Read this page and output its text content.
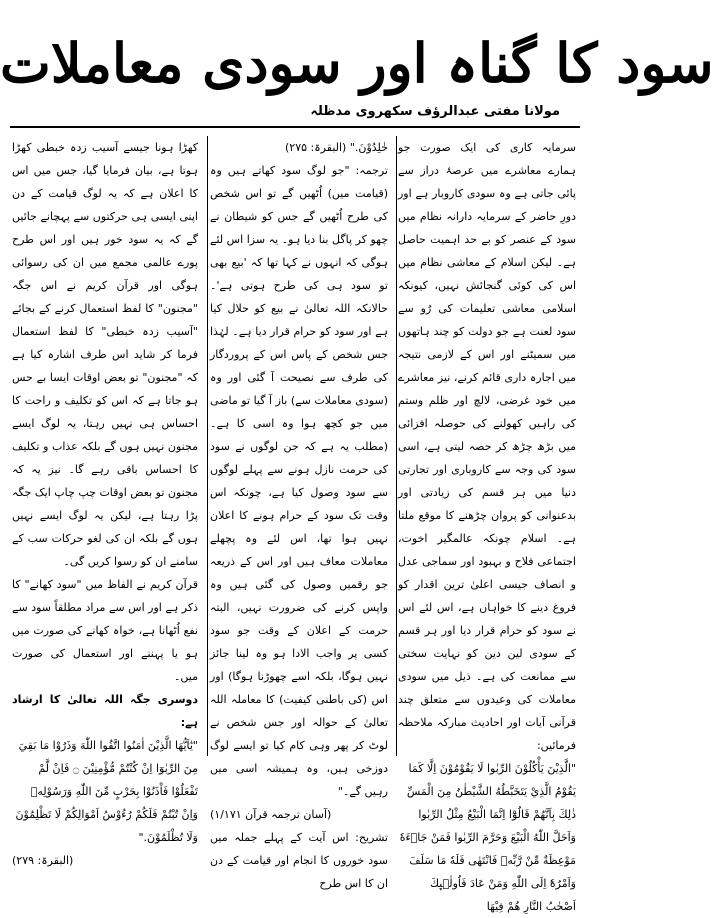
سود کا گناہ اور سودی معاملات
مولانا مفتی عبدالرؤف سکھروی مدظلہ

سرمایہ کاری کی ایک صورت جو ہمارے معاشرے میں عرصۂ دراز سے پائی جاتی ہے وہ سودی کاروبار ہے اور دورِ حاضر کے سرمایہ دارانہ نظام میں سود کے عنصر کو بے حد اہمیت حاصل ہے۔ لیکن اسلام کے معاشی نظام میں اس کی کوئی گنجائش نہیں، کیونکہ اسلامی معاشی تعلیمات کی رُو سے سود لعنت ہے جو دولت کو چند ہاتھوں میں سمیٹنے اور اس کے لازمی نتیجہ میں اجارہ داری قائم کرنے، نیز معاشرے میں خود غرضی، لالچ اور ظلم وستم کی راہیں کھولنے کی حوصلہ افزائی میں بڑھ چڑھ کر حصہ لیتی ہے، اسی سود کی وجہ سے کاروباری اور تجارتی دنیا میں ہر قسم کی زیادتی اور بدعنوانی کو پروان چڑھنے کا موقع ملتا ہے۔ اسلام چونکہ عالمگیر اخوت، اجتماعی فلاح و بہبود اور سماجی عدل و انصاف جیسی اعلیٰ ترین اقدار کو فروغ دینے کا خواہاں ہے، اس لئے اس نے سود کو حرام قرار دیا اور ہر قسم کے سودی لین دین کو نہایت سختی سے ممانعت کی ہے۔ ذیل میں سودی معاملات کی وعیدوں سے متعلق چند قرآنی آیات اور احادیث مبارکہ ملاحظہ فرمائیں:

"الَّذِيْنَ يَأْكُلُوْنَ الرِّبٰوا لَا يَقُوْمُوْنَ اِلَّا كَمَا يَقُوْمُ الَّذِيْ يَتَخَبَّطُهُ الشَّيْطٰنُ مِنَ الْمَسِّ ذٰلِكَ بِاَنَّهُمْ قَالُوْٓا اِنَّمَا الْبَيْعُ مِثْلُ الرِّبٰوا وَاَحَلَّ اللّٰهُ الْبَيْعَ وَحَرَّمَ الرِّبٰوا فَمَنْ جَاۗءَهٗ مَوْعِظَةٌ مِّنْ رَّبِّهٖ فَانْتَهٰى فَلَهٗ مَا سَلَفَ وَاَمْرُهٗٓ اِلَى اللّٰهِ وَمَنْ عَادَ فَاُولٰۗىِٕكَ اَصْحٰبُ النَّارِ هُمْ فِيْهَا

خٰلِدُوْنَ." (البقرۃ: ۲۷۵)

ترجمہ: "جو لوگ سود کھاتے ہیں وہ (قیامت میں) اُٹھیں گے تو اس شخص کی طرح اُٹھیں گے جس کو شیطان نے چھو کر پاگل بنا دیا ہو۔ یہ سزا اس لئے ہوگی کہ انہوں نے کہا تھا کہ 'بیع بھی تو سود ہی کی طرح ہوتی ہے'۔ حالانکہ اللہ تعالیٰ نے بیع کو حلال کیا ہے اور سود کو حرام قرار دیا ہے۔ لہٰذا جس شخص کے پاس اس کے پروردگار کی طرف سے نصیحت آ گئی اور وہ (سودی معاملات سے) باز آ گیا تو ماضی میں جو کچھ ہوا وہ اسی کا ہے۔ (مطلب یہ ہے کہ جن لوگوں نے سود کی حرمت نازل ہونے سے پہلے لوگوں سے سود وصول کیا ہے، چونکہ اس وقت تک سود کے حرام ہونے کا اعلان نہیں ہوا تھا، اس لئے وہ پچھلے معاملات معاف ہیں اور اس کے ذریعہ جو رقمیں وصول کی گئی ہیں وہ واپس کرنے کی ضرورت نہیں، البتہ حرمت کے اعلان کے وقت جو سود کسی پر واجب الادا ہو وہ لینا جائز نہیں ہوگا، بلکہ اسے چھوڑنا ہوگا) اور اس (کی باطنی کیفیت) کا معاملہ اللہ تعالیٰ کے حوالہ اور جس شخص نے لوٹ کر پھر وہی کام کیا تو ایسے لوگ دوزخی ہیں، وہ ہمیشہ اسی میں رہیں گے۔"

(آسان ترجمہ قرآن ۱/۱۷۱)

تشریح: اس آیت کے پہلے جملہ میں سود خوروں کا انجام اور قیامت کے دن ان کا اس طرح

کھڑا ہونا جیسے آسیب زدہ خبطی کھڑا ہوتا ہے، بیان فرمایا گیا، جس میں اس کا اعلان ہے کہ یہ لوگ قیامت کے دن اپنی ایسی ہی حرکتوں سے پہچانے جائیں گے کہ یہ سود خور ہیں اور اس طرح پورے عالمی مجمع میں ان کی رسوائی ہوگی اور قرآن کریم نے اس جگہ "مجنون" کا لفظ استعمال کرنے کے بجائے "آسیب زدہ خبطی" کا لفظ استعمال فرما کر شاید اس طرف اشارہ کیا ہے کہ "مجنون" تو بعض اوقات ایسا بے حس ہو جاتا ہے کہ اس کو تکلیف و راحت کا احساس ہی نہیں رہتا، یہ لوگ ایسے مجنون نہیں ہوں گے بلکہ عذاب و تکلیف کا احساس باقی رہے گا۔ نیز یہ کہ مجنون تو بعض اوقات چپ چاپ ایک جگہ پڑا رہتا ہے، لیکن یہ لوگ ایسے نہیں ہوں گے بلکہ ان کی لغو حرکات سب کے سامنے ان کو رسوا کریں گی۔

قرآن کریم نے الفاظ میں "سود کھانے" کا ذکر ہے اور اس سے مراد مطلقاً سود سے نفع اُٹھانا ہے، خواہ کھانے کی صورت میں ہو یا پہننے اور استعمال کی صورت میں۔

دوسری جگہ اللہ تعالیٰ کا ارشاد ہے:

"يٰٓاَيُّهَا الَّذِيْنَ اٰمَنُوا اتَّقُوا اللّٰهَ وَذَرُوْا مَا بَقِيَ مِنَ الرِّبٰوٓا اِنْ كُنْتُمْ مُّؤْمِنِيْنَ ۝ فَاِنْ لَّمْ تَفْعَلُوْا فَاْذَنُوْا بِحَرْبٍ مِّنَ اللّٰهِ وَرَسُوْلِهٖ وَاِنْ تُبْتُمْ فَلَكُمْ رُءُوْسُ اَمْوَالِكُمْ لَا تَظْلِمُوْنَ وَلَا تُظْلَمُوْنَ."

(البقرۃ: ۲۷۹)
